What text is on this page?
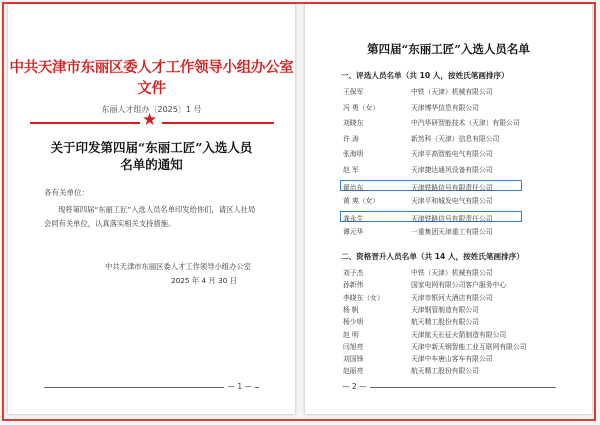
中共天津市东丽区委人才工作领导小组办公室文件
东丽人才组办〔2025〕1 号
★
关于印发第四届“东丽工匠”入选人员
名单的通知
各有关单位：
现将第四届“东丽工匠”入选人员名单印发给你们，请区人社局会同有关单位，认真落实相关支持措施。
中共天津市东丽区委人才工作领导小组办公室
2025 年 4 月 30 日
— 1 —
第四届“东丽工匠”入选人员名单
一、评选人员名单（共 10 人，按姓氏笔画排序）
王保军	中铁（天津）机械有限公司
冯 勇（女）	天津博华信息有限公司
刘晓东	中汽华研智能技术（天津）有限公司
许 涛	新然科（天津）信息有限公司
张海明	天津平高智能电气有限公司
赵 军	天津捷达通风设备有限公司
翟治东	天津铁路信号有限责任公司
黄 爽（女）	天津平和城发电气有限公司
龚永生	天津铁路信号有限责任公司
谭元华	一重集团天津重工有限公司
二、资格晋升人员名单（共 14 人，按姓氏笔画排序）
刘子杰	中铁（天津）机械有限公司
孙新伟	国家电网有限公司客户服务中心
李晓东（女）	天津市银河大酒店有限公司
杨 帆	天津钢管制造有限公司
杨少明	航天精工股份有限公司
赵 明	天津航天长征火箭制造有限公司
闫旭亮	天津中新天钢智能工业互联网有限公司
刘国锋	天津中车唐山客车有限公司
赵丽亮	航天精工股份有限公司
— 2 —
